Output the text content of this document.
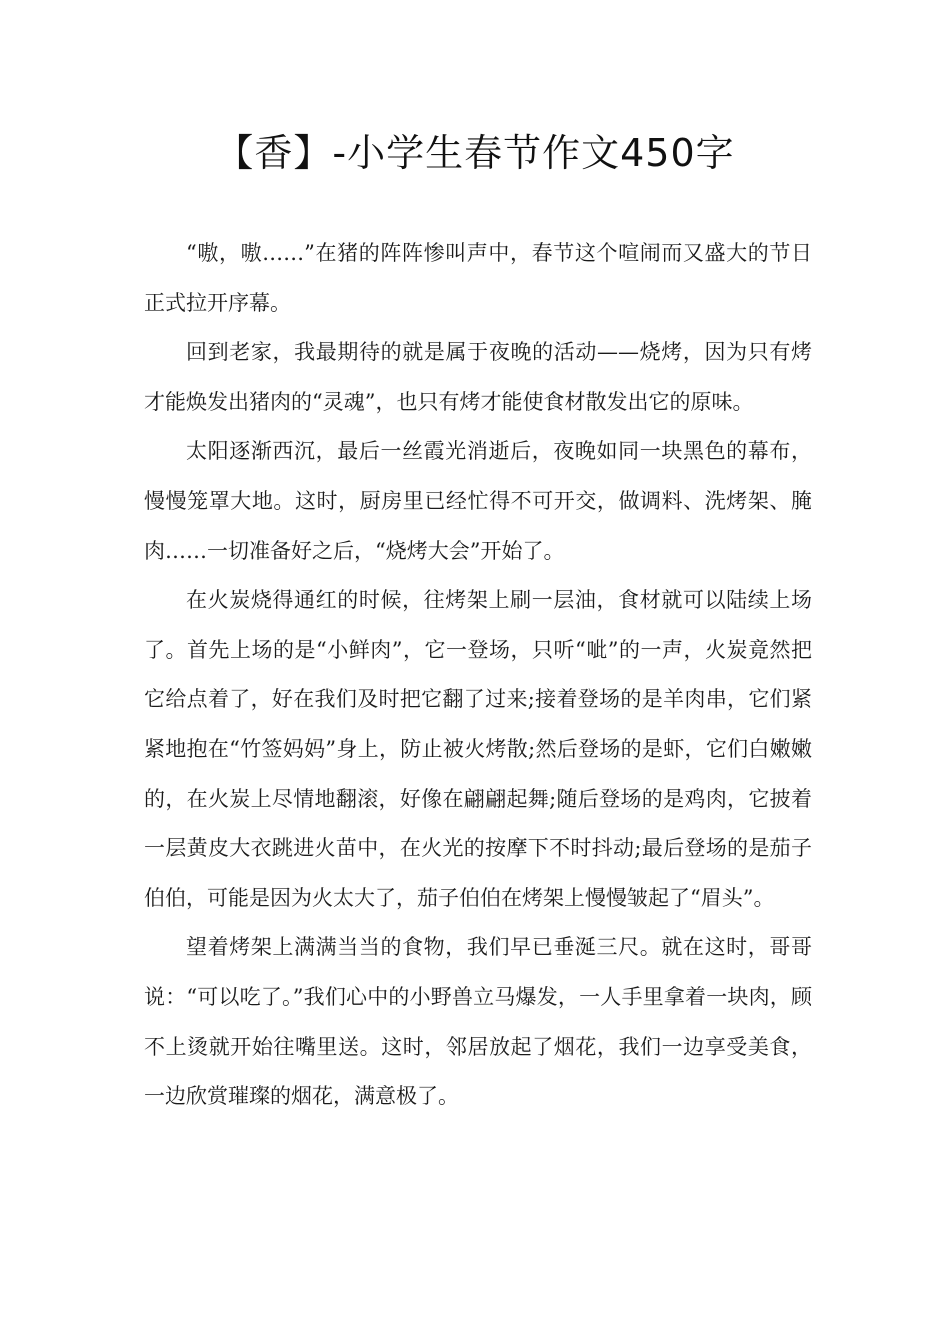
【香】-小学生春节作文450字

“嗷，嗷……”在猪的阵阵惨叫声中，春节这个喧闹而又盛大的节日正式拉开序幕。

回到老家，我最期待的就是属于夜晚的活动——烧烤，因为只有烤才能焕发出猪肉的“灵魂”，也只有烤才能使食材散发出它的原味。

太阳逐渐西沉，最后一丝霞光消逝后，夜晚如同一块黑色的幕布，慢慢笼罩大地。这时，厨房里已经忙得不可开交，做调料、洗烤架、腌肉……一切准备好之后，“烧烤大会”开始了。

在火炭烧得通红的时候，往烤架上刷一层油，食材就可以陆续上场了。首先上场的是“小鲜肉”，它一登场，只听“呲”的一声，火炭竟然把它给点着了，好在我们及时把它翻了过来;接着登场的是羊肉串，它们紧紧地抱在“竹签妈妈”身上，防止被火烤散;然后登场的是虾，它们白嫩嫩的，在火炭上尽情地翻滚，好像在翩翩起舞;随后登场的是鸡肉，它披着一层黄皮大衣跳进火苗中，在火光的按摩下不时抖动;最后登场的是茄子伯伯，可能是因为火太大了，茄子伯伯在烤架上慢慢皱起了“眉头”。

望着烤架上满满当当的食物，我们早已垂涎三尺。就在这时，哥哥说：“可以吃了。”我们心中的小野兽立马爆发，一人手里拿着一块肉，顾不上烫就开始往嘴里送。这时，邻居放起了烟花，我们一边享受美食，一边欣赏璀璨的烟花，满意极了。
